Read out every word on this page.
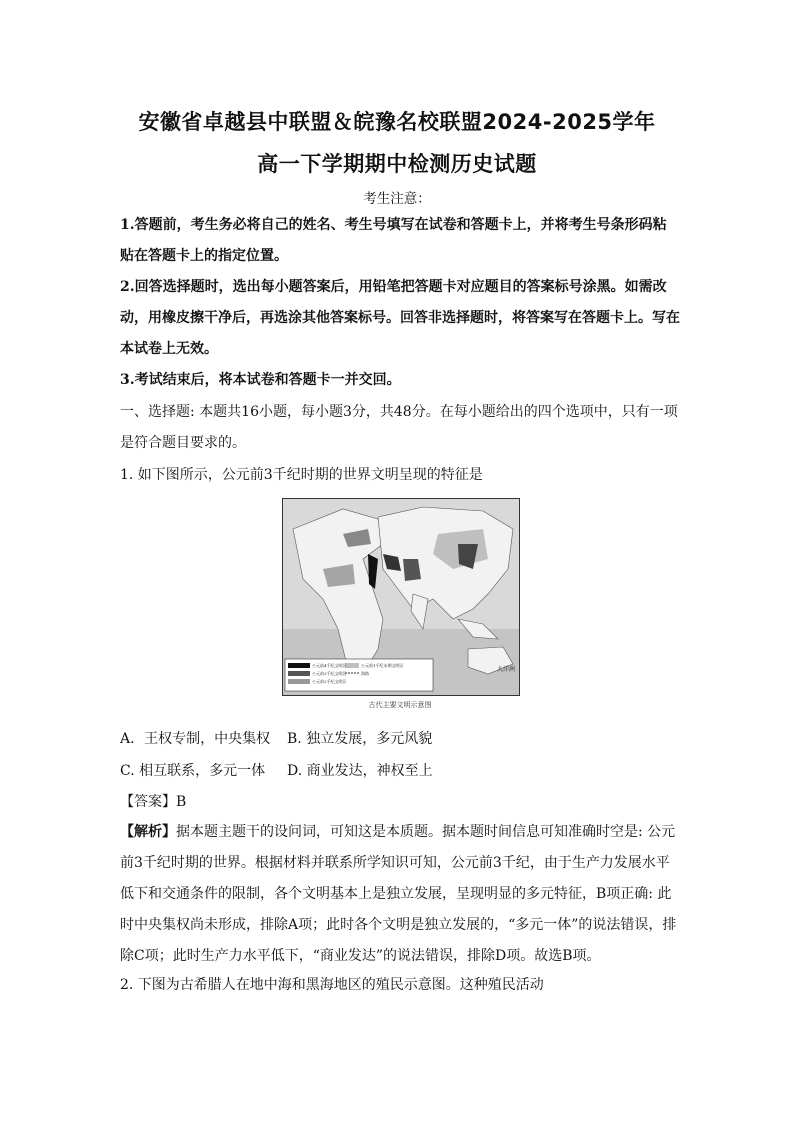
安徽省卓越县中联盟＆皖豫名校联盟2024-2025学年
高一下学期期中检测历史试题
考生注意：
1.答题前，考生务必将自己的姓名、考生号填写在试卷和答题卡上，并将考生号条形码粘贴在答题卡上的指定位置。
2.回答选择题时，选出每小题答案后，用铅笔把答题卡对应题目的答案标号涂黑。如需改动，用橡皮擦干净后，再选涂其他答案标号。回答非选择题时，将答案写在答题卡上。写在本试卷上无效。
3.考试结束后，将本试卷和答题卡一并交回。
一、选择题: 本题共16小题，每小题3分，共48分。在每小题给出的四个选项中，只有一项是符合题目要求的。
1. 如下图所示，公元前3千纪时期的世界文明呈现的特征是
公元前4千纪文明区
公元前3千纪文明区
公元前2千纪文明区
公元前1千纪末期文明区
海路
大洋洲
古代主要文明示意图
A．王权专制，中央集权 B. 独立发展，多元风貌
C. 相互联系，多元一体 D. 商业发达，神权至上
【答案】B
【解析】据本题主题干的设问词，可知这是本质题。据本题时间信息可知准确时空是: 公元前3千纪时期的世界。根据材料并联系所学知识可知，公元前3千纪，由于生产力发展水平低下和交通条件的限制，各个文明基本上是独立发展，呈现明显的多元特征，B项正确: 此时中央集权尚未形成，排除A项；此时各个文明是独立发展的，“多元一体”的说法错误，排除C项；此时生产力水平低下，“商业发达”的说法错误，排除D项。故选B项。
2. 下图为古希腊人在地中海和黑海地区的殖民示意图。这种殖民活动
